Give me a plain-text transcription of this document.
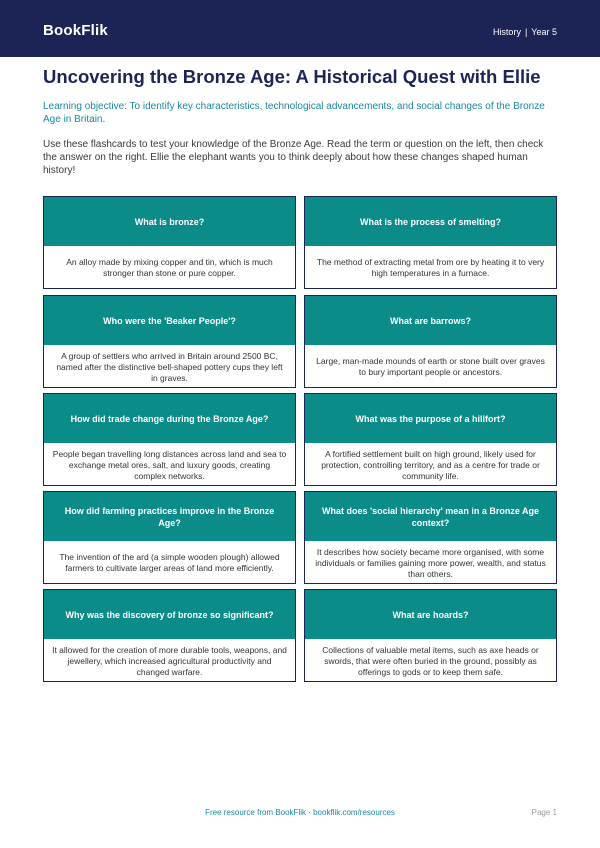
BookFlik	History | Year 5
Uncovering the Bronze Age: A Historical Quest with Ellie

Learning objective: To identify key characteristics, technological advancements, and social changes of the Bronze Age in Britain.

Use these flashcards to test your knowledge of the Bronze Age. Read the term or question on the left, then check the answer on the right. Ellie the elephant wants you to think deeply about how these changes shaped human history!

What is bronze?
An alloy made by mixing copper and tin, which is much stronger than stone or pure copper.
What is the process of smelting?
The method of extracting metal from ore by heating it to very high temperatures in a furnace.
Who were the 'Beaker People'?
A group of settlers who arrived in Britain around 2500 BC, named after the distinctive bell-shaped pottery cups they left in graves.
What are barrows?
Large, man-made mounds of earth or stone built over graves to bury important people or ancestors.
How did trade change during the Bronze Age?
People began travelling long distances across land and sea to exchange metal ores, salt, and luxury goods, creating complex networks.
What was the purpose of a hillfort?
A fortified settlement built on high ground, likely used for protection, controlling territory, and as a centre for trade or community life.
How did farming practices improve in the Bronze Age?
The invention of the ard (a simple wooden plough) allowed farmers to cultivate larger areas of land more efficiently.
What does 'social hierarchy' mean in a Bronze Age context?
It describes how society became more organised, with some individuals or families gaining more power, wealth, and status than others.
Why was the discovery of bronze so significant?
It allowed for the creation of more durable tools, weapons, and jewellery, which increased agricultural productivity and changed warfare.
What are hoards?
Collections of valuable metal items, such as axe heads or swords, that were often buried in the ground, possibly as offerings to gods or to keep them safe.
Free resource from BookFlik · bookflik.com/resources	Page 1
